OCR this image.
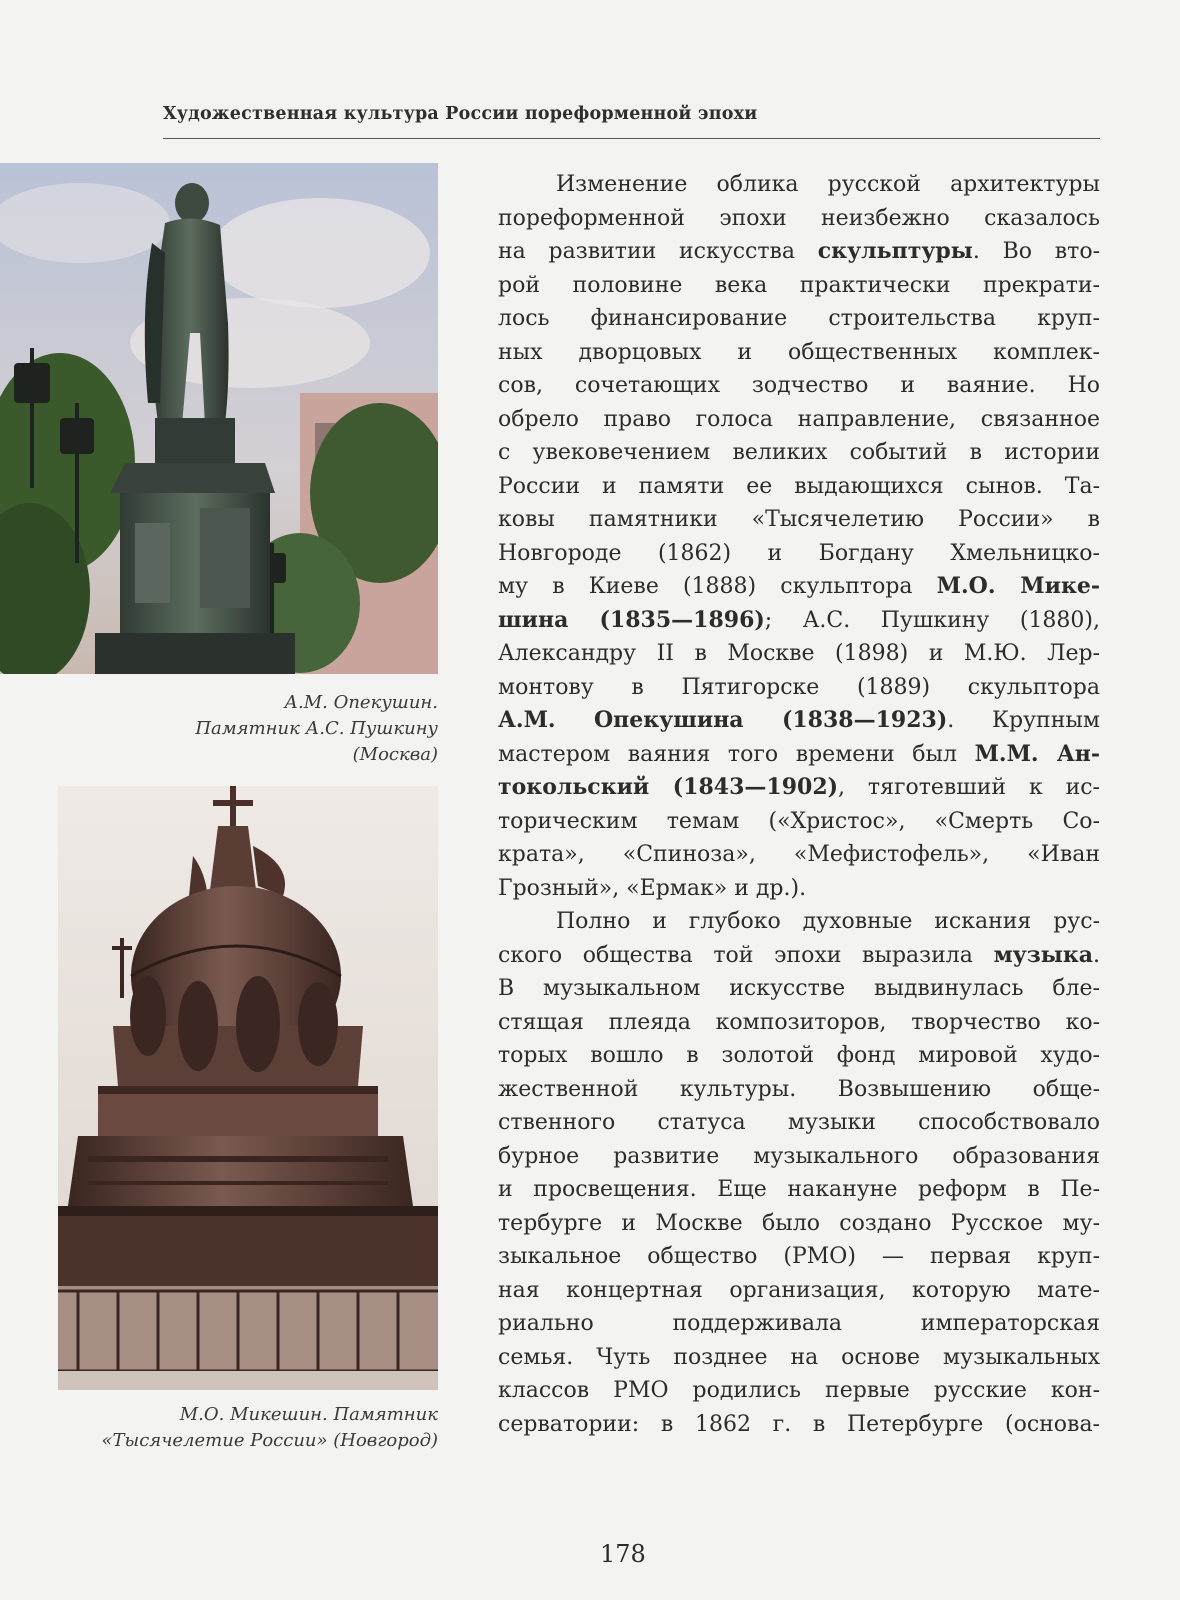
Художественная культура России пореформенной эпохи
А.М. Опекушин.
Памятник А.С. Пушкину
(Москва)
М.О. Микешин. Памятник
«Тысячелетие России» (Новгород)
Изменение облика русской архитектуры
пореформенной эпохи неизбежно сказалось
на развитии искусства скульптуры. Во вто-
рой половине века практически прекрати-
лось финансирование строительства круп-
ных дворцовых и общественных комплек-
сов, сочетающих зодчество и ваяние. Но
обрело право голоса направление, связанное
с увековечением великих событий в истории
России и памяти ее выдающихся сынов. Та-
ковы памятники «Тысячелетию России» в
Новгороде (1862) и Богдану Хмельницко-
му в Киеве (1888) скульптора М.О. Мике-
шина (1835—1896); А.С. Пушкину (1880),
Александру II в Москве (1898) и М.Ю. Лер-
монтову в Пятигорске (1889) скульптора
А.М. Опекушина (1838—1923). Крупным
мастером ваяния того времени был М.М. Ан-
токольский (1843—1902), тяготевший к ис-
торическим темам («Христос», «Смерть Со-
крата», «Спиноза», «Мефистофель», «Иван
Грозный», «Ермак» и др.).
Полно и глубоко духовные искания рус-
ского общества той эпохи выразила музыка.
В музыкальном искусстве выдвинулась бле-
стящая плеяда композиторов, творчество ко-
торых вошло в золотой фонд мировой худо-
жественной культуры. Возвышению обще-
ственного статуса музыки способствовало
бурное развитие музыкального образования
и просвещения. Еще накануне реформ в Пе-
тербурге и Москве было создано Русское му-
зыкальное общество (РМО) — первая круп-
ная концертная организация, которую мате-
риально поддерживала императорская
семья. Чуть позднее на основе музыкальных
классов РМО родились первые русские кон-
серватории: в 1862 г. в Петербурге (основа-
178
